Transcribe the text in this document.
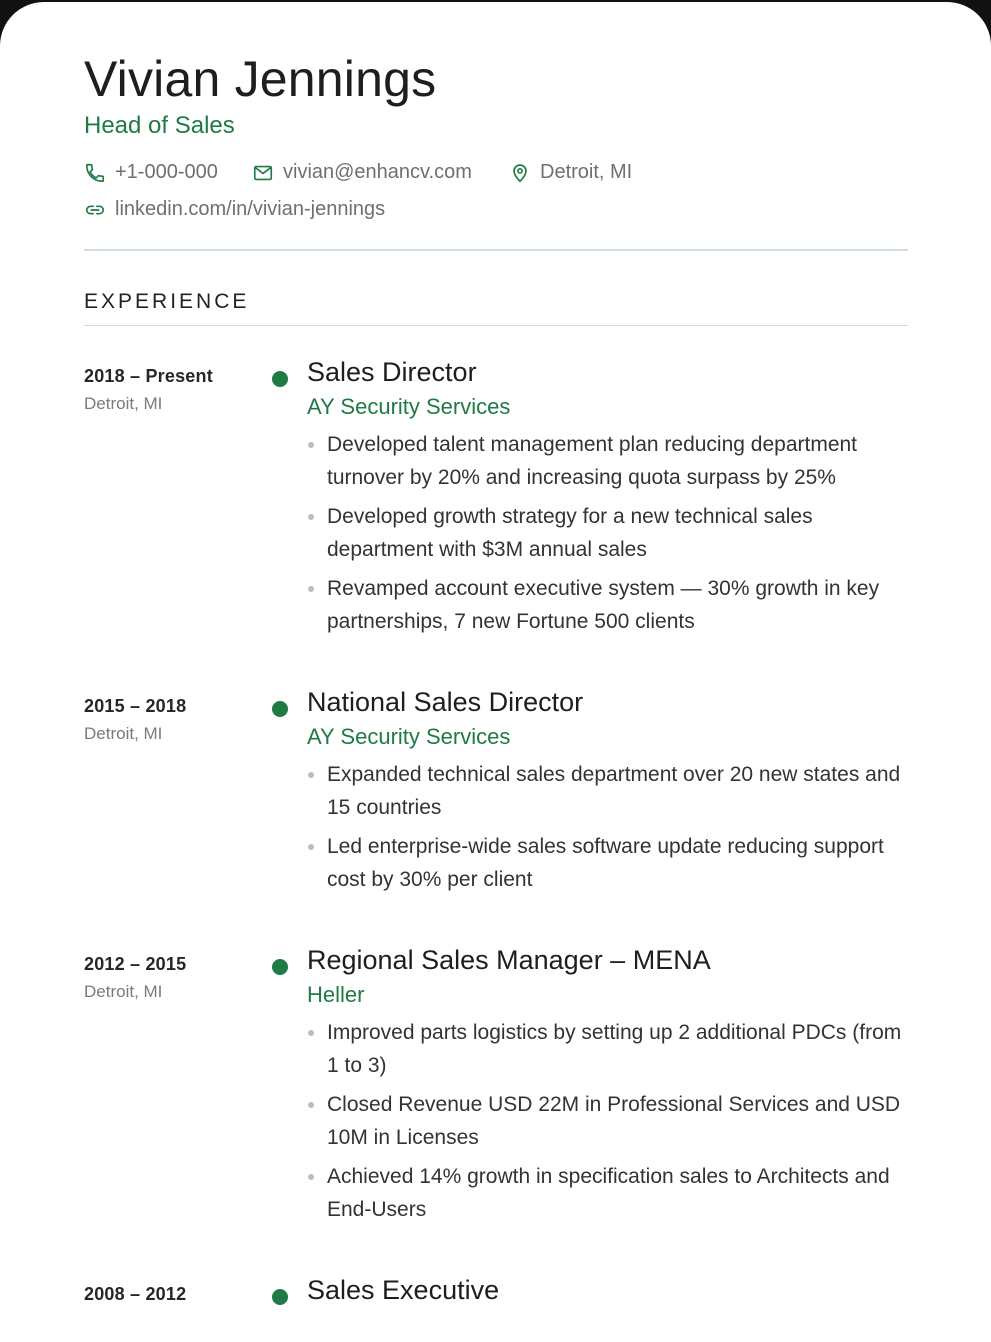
Vivian Jennings
Head of Sales
+1-000-000	vivian@enhancv.com	Detroit, MI
linkedin.com/in/vivian-jennings
EXPERIENCE
2018 – Present
Detroit, MI
Sales Director
AY Security Services
Developed talent management plan reducing department turnover by 20% and increasing quota surpass by 25%
Developed growth strategy for a new technical sales department with $3M annual sales
Revamped account executive system — 30% growth in key partnerships, 7 new Fortune 500 clients
2015 – 2018
Detroit, MI
National Sales Director
AY Security Services
Expanded technical sales department over 20 new states and 15 countries
Led enterprise-wide sales software update reducing support cost by 30% per client
2012 – 2015
Detroit, MI
Regional Sales Manager – MENA
Heller
Improved parts logistics by setting up 2 additional PDCs (from 1 to 3)
Closed Revenue USD 22M in Professional Services and USD 10M in Licenses
Achieved 14% growth in specification sales to Architects and End-Users
2008 – 2012	Sales Executive
